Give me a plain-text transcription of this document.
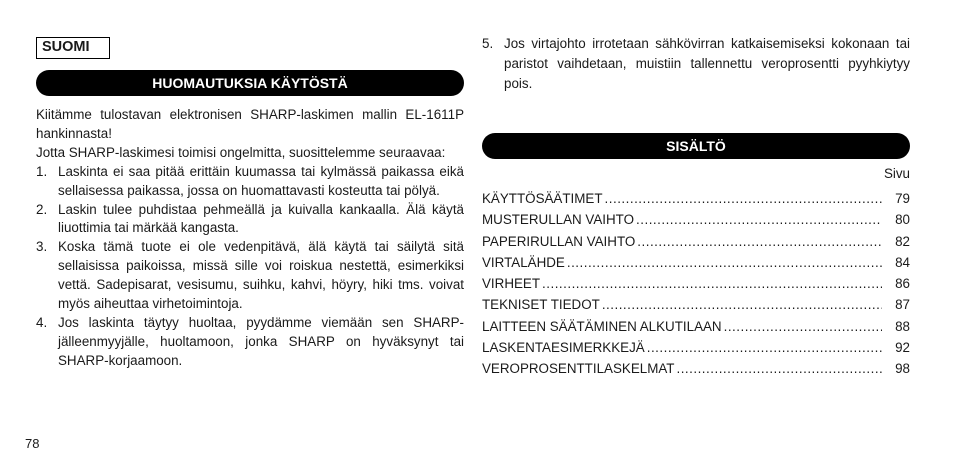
SUOMI
HUOMAUTUKSIA KÄYTÖSTÄ

Kiitämme tulostavan elektronisen SHARP-laskimen mallin EL-1611P hankinnasta!

Jotta SHARP-laskimesi toimisi ongelmitta, suosittelemme seuraavaa:

1. Laskinta ei saa pitää erittäin kuumassa tai kylmässä paikassa eikä sellaisessa paikassa, jossa on huomattavasti kosteutta tai pölyä.
2. Laskin tulee puhdistaa pehmeällä ja kuivalla kankaalla. Älä käytä liuottimia tai märkää kangasta.
3. Koska tämä tuote ei ole vedenpitävä, älä käytä tai säilytä sitä sellaisissa paikoissa, missä sille voi roiskua nestettä, esimerkiksi vettä. Sadepisarat, vesisumu, suihku, kahvi, höyry, hiki tms. voivat myös aiheuttaa virhetoimintoja.
4. Jos laskinta täytyy huoltaa, pyydämme viemään sen SHARP-jälleenmyyjälle, huoltamoon, jonka SHARP on hyväksynyt tai SHARP-korjaamoon.
5. Jos virtajohto irrotetaan sähkövirran katkaisemiseksi kokonaan tai paristot vaihdetaan, muistiin tallennettu veroprosentti pyyhkiytyy pois.
SISÄLTÖ
Sivu
KÄYTTÖSÄÄTIMET .....	79
MUSTERULLAN VAIHTO .....	80
PAPERIRULLAN VAIHTO .....	82
VIRTALÄHDE .....	84
VIRHEET .....	86
TEKNISET TIEDOT .....	87
LAITTEEN SÄÄTÄMINEN ALKUTILAAN .....	88
LASKENTAESIMERKKEJÄ .....	92
VEROPROSENTTILASKELMAT .....	98
78
